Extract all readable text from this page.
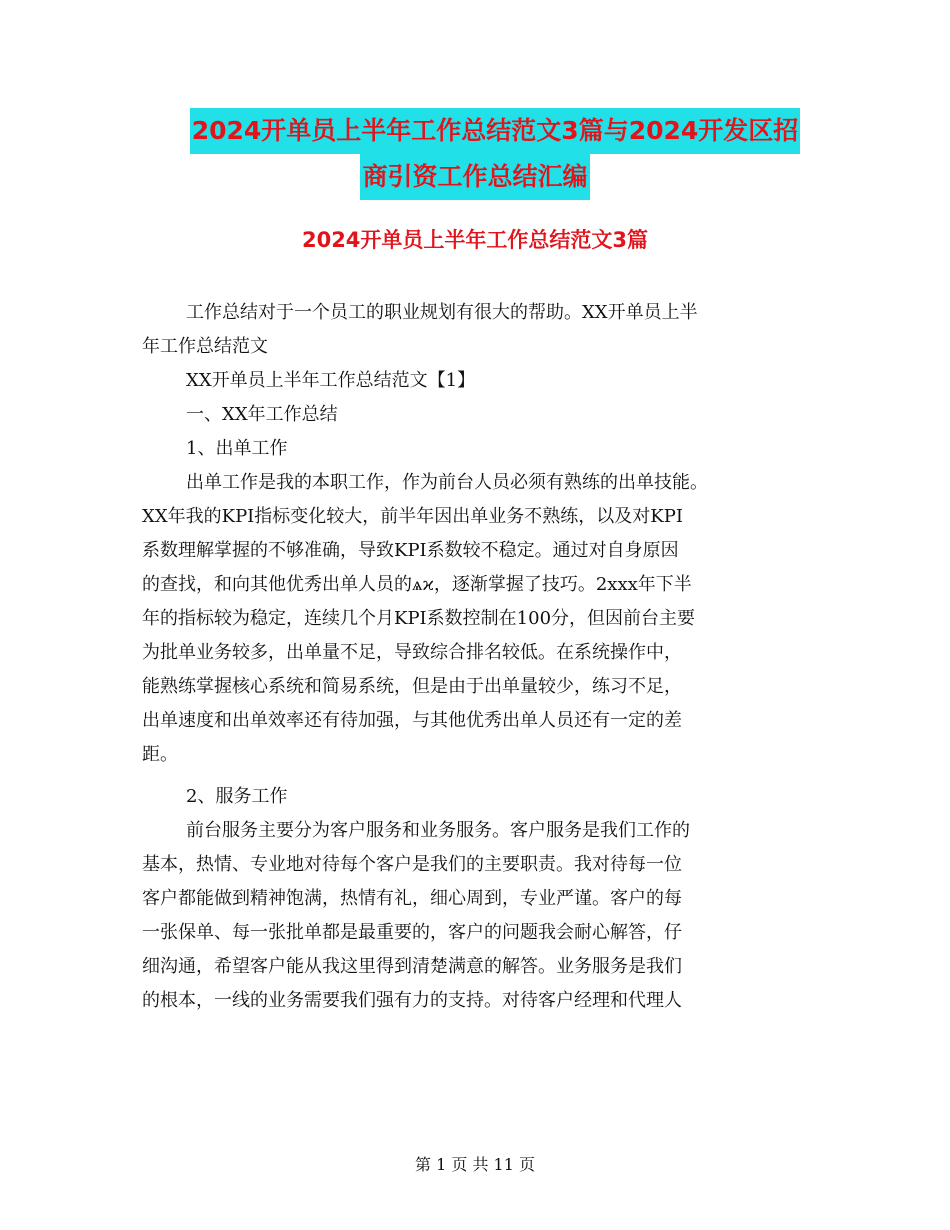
2024开单员上半年工作总结范文3篇与2024开发区招
商引资工作总结汇编
2024开单员上半年工作总结范文3篇

工作总结对于一个员工的职业规划有很大的帮助。XX开单员上半
年工作总结范文

XX开单员上半年工作总结范文【1】

一、XX年工作总结

1、出单工作

出单工作是我的本职工作，作为前台人员必须有熟练的出单技能。
XX年我的KPI指标变化较大，前半年因出单业务不熟练，以及对KPI
系数理解掌握的不够准确，导致KPI系数较不稳定。通过对自身原因
的查找，和向其他优秀出单人员的ѧϰ，逐渐掌握了技巧。2xxx年下半
年的指标较为稳定，连续几个月KPI系数控制在100分，但因前台主要
为批单业务较多，出单量不足，导致综合排名较低。在系统操作中，
能熟练掌握核心系统和简易系统，但是由于出单量较少，练习不足，
出单速度和出单效率还有待加强，与其他优秀出单人员还有一定的差
距。

2、服务工作

前台服务主要分为客户服务和业务服务。客户服务是我们工作的
基本，热情、专业地对待每个客户是我们的主要职责。我对待每一位
客户都能做到精神饱满，热情有礼，细心周到，专业严谨。客户的每
一张保单、每一张批单都是最重要的，客户的问题我会耐心解答，仔
细沟通，希望客户能从我这里得到清楚满意的解答。业务服务是我们
的根本，一线的业务需要我们强有力的支持。对待客户经理和代理人

第 1 页 共 11 页
